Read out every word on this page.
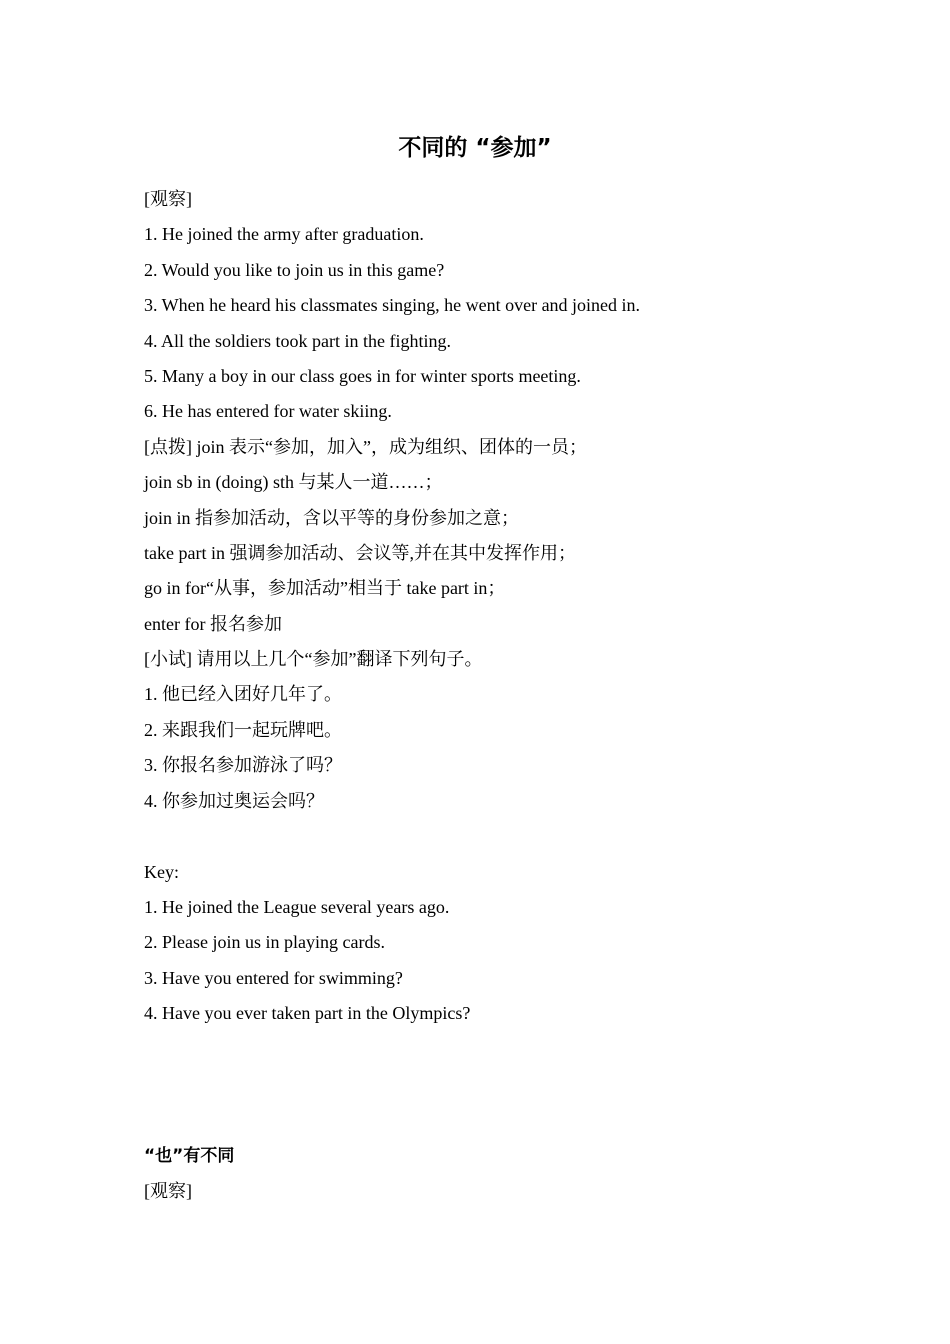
不同的 “参加”

[观察]

1. He joined the army after graduation.

2. Would you like to join us in this game?

3. When he heard his classmates singing, he went over and joined in.

4. All the soldiers took part in the fighting.

5. Many a boy in our class goes in for winter sports meeting.

6. He has entered for water skiing.

[点拨] join 表示“参加，加入”，成为组织、团体的一员；

join sb in (doing) sth 与某人一道……；

join in 指参加活动，含以平等的身份参加之意；

take part in 强调参加活动、会议等,并在其中发挥作用；

go in for“从事，参加活动”相当于 take part in；

enter for 报名参加

[小试] 请用以上几个“参加”翻译下列句子。

1. 他已经入团好几年了。

2. 来跟我们一起玩牌吧。

3. 你报名参加游泳了吗？

4. 你参加过奥运会吗？

Key:

1. He joined the League several years ago.

2. Please join us in playing cards.

3. Have you entered for swimming?

4. Have you ever taken part in the Olympics?

“也”有不同

[观察]
